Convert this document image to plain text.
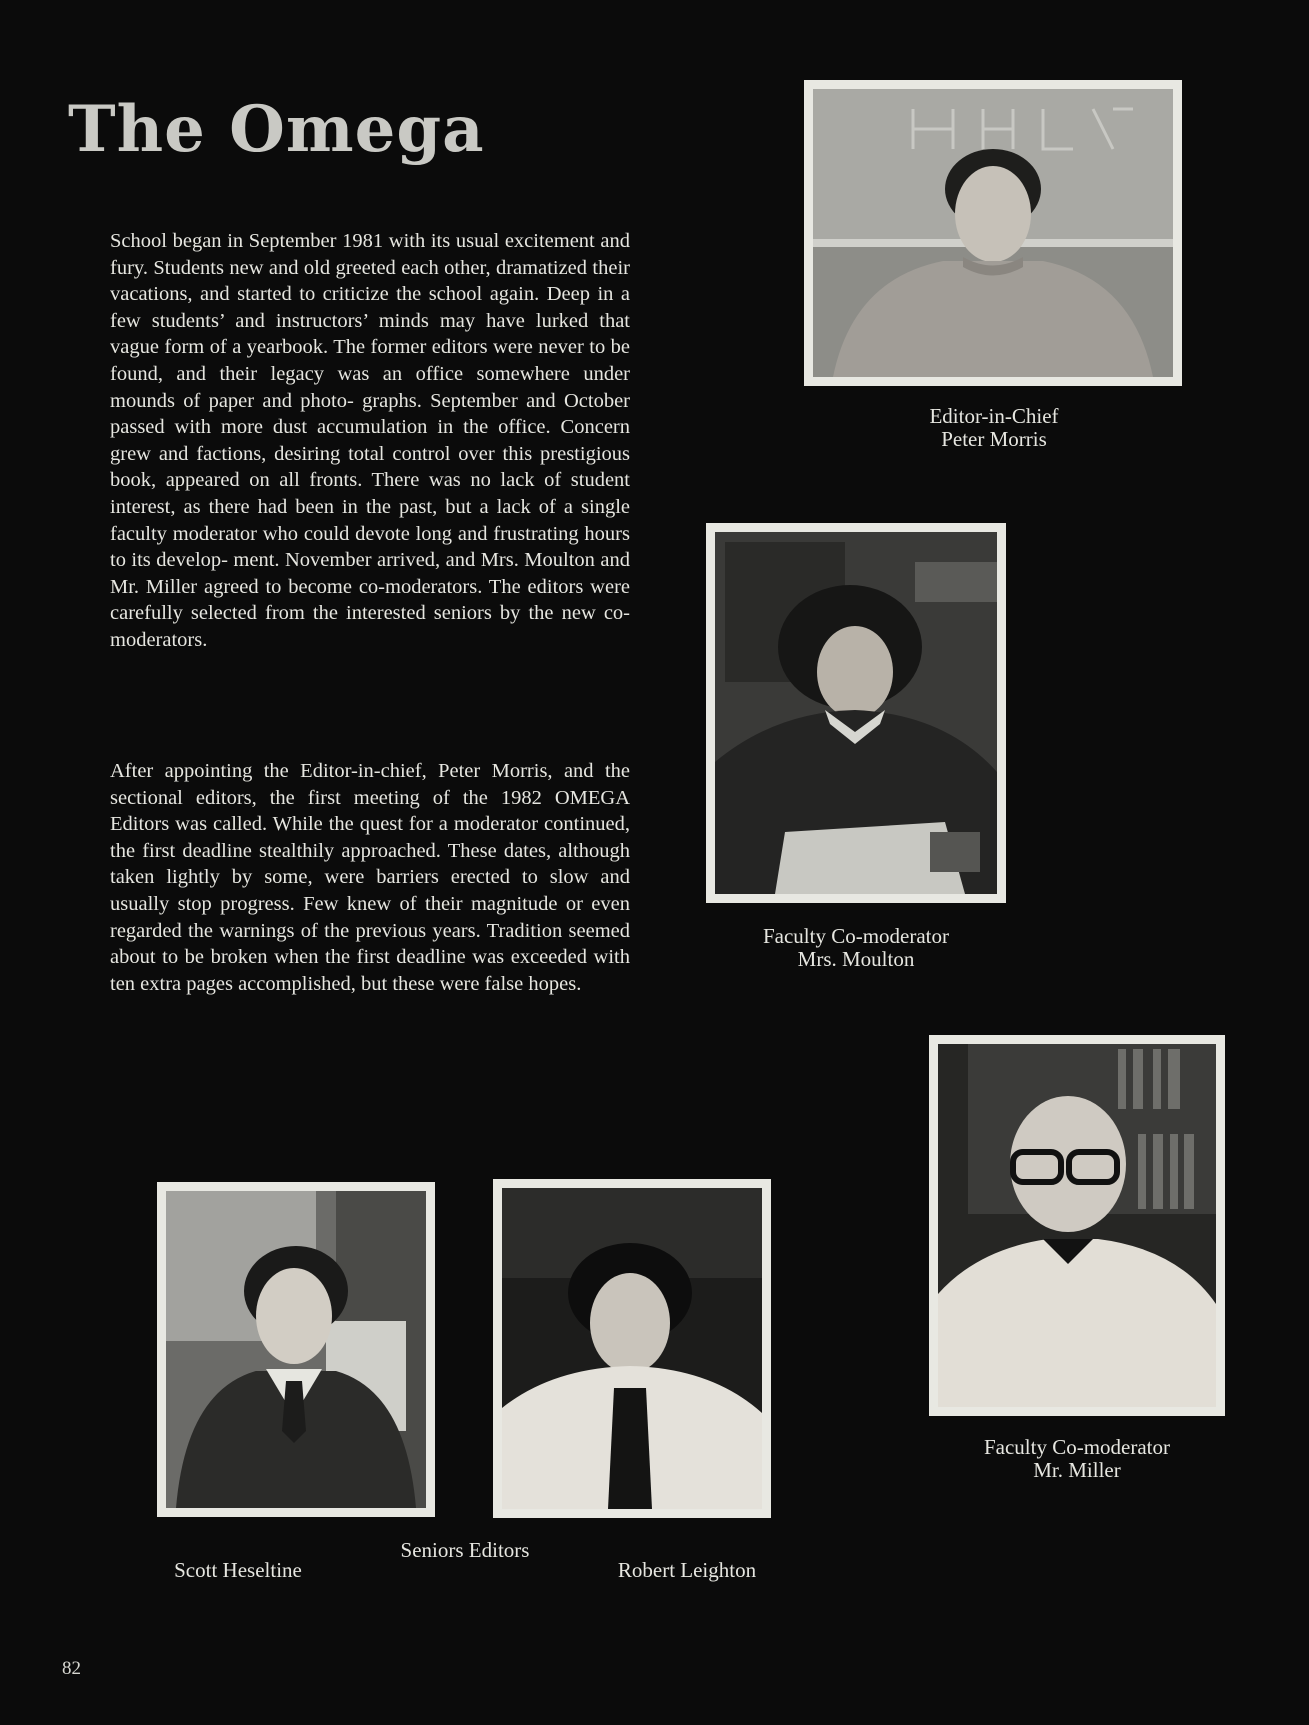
The Omega

School began in September 1981 with its usual excitement and fury. Students new and old greeted each other, dramatized their vacations, and started to criticize the school again. Deep in a few students’ and instructors’ minds may have lurked that vague form of a yearbook. The former editors were never to be found, and their legacy was an office somewhere under mounds of paper and photo- graphs. September and October passed with more dust accumulation in the office. Concern grew and factions, desiring total control over this prestigious book, appeared on all fronts. There was no lack of student interest, as there had been in the past, but a lack of a single faculty moderator who could devote long and frustrating hours to its develop- ment. November arrived, and Mrs. Moulton and Mr. Miller agreed to become co-moderators. The editors were carefully selected from the interested seniors by the new co-moderators.

After appointing the Editor-in-chief, Peter Morris, and the sectional editors, the first meeting of the 1982 OMEGA Editors was called. While the quest for a moderator continued, the first deadline stealthily approached. These dates, although taken lightly by some, were barriers erected to slow and usually stop progress. Few knew of their magnitude or even regarded the warnings of the previous years. Tradition seemed about to be broken when the first deadline was exceeded with ten extra pages accomplished, but these were false hopes.

Editor-in-Chief
Peter Morris
Faculty Co-moderator
Mrs. Moulton
Faculty Co-moderator
Mr. Miller
Scott Heseltine
Seniors Editors
Robert Leighton
82
